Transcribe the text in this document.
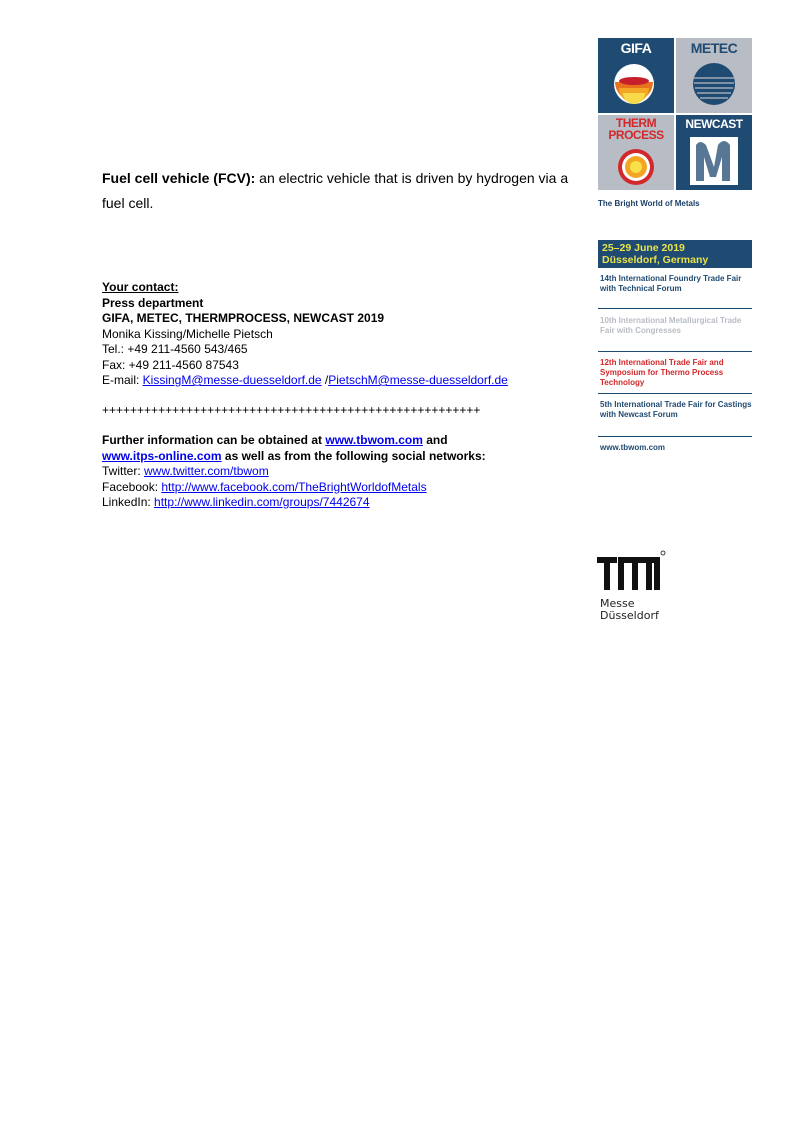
Fuel cell vehicle (FCV): an electric vehicle that is driven by hydrogen via a fuel cell.
Your contact:
Press department
GIFA, METEC, THERMPROCESS, NEWCAST 2019
Monika Kissing/Michelle Pietsch
Tel.: +49 211-4560 543/465
Fax: +49 211-4560 87543
E-mail: KissingM@messe-duesseldorf.de /PietschM@messe-duesseldorf.de
++++++++++++++++++++++++++++++++++++++++++++++++++++++
Further information can be obtained at www.tbwom.com and
www.itps-online.com as well as from the following social networks:
Twitter: www.twitter.com/tbwom
Facebook: http://www.facebook.com/TheBrightWorldofMetals
LinkedIn: http://www.linkedin.com/groups/7442674
GIFA	METEC
THERM PROCESS
NEWCAST
The Bright World of Metals
25–29 June 2019
Düsseldorf, Germany
14th International Foundry Trade Fair with Technical Forum
10th International Metallurgical Trade Fair with Congresses
12th International Trade Fair and Symposium for Thermo Process Technology
5th International Trade Fair for Castings with Newcast Forum
www.tbwom.com
Messe
Düsseldorf
